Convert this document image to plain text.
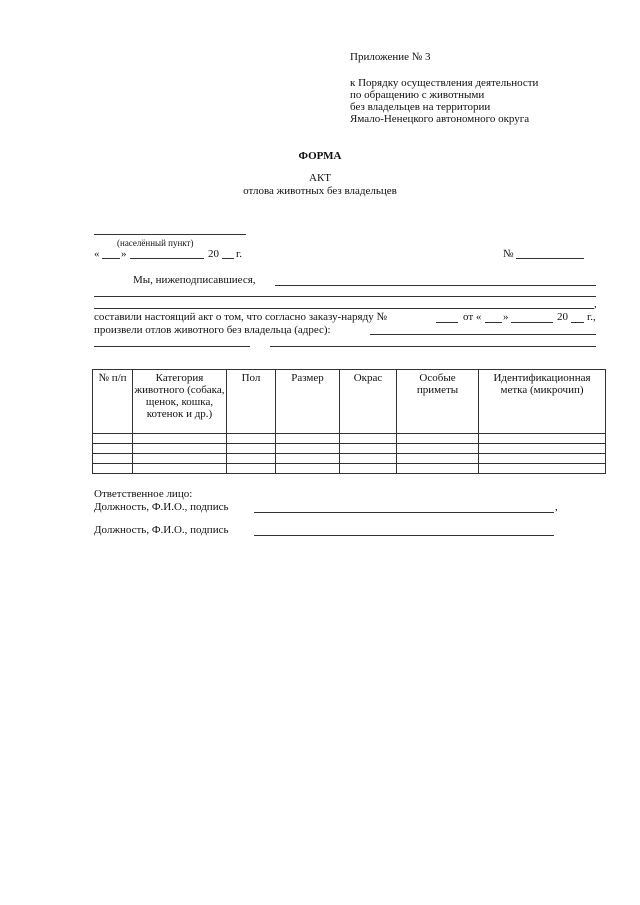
Приложение № 3
к Порядку осуществления деятельности
по обращению с животными
без владельцев на территории
Ямало-Ненецкого автономного округа
ФОРМА
АКТ
отлова животных без владельцев
(населённый пункт)
« »	20 г.	№
Мы, нижеподписавшиеся,
,
составили настоящий акт о том, что согласно заказу-наряду №	от « »	20 г.,
произвели отлов животного без владельца (адрес):
№ п/п	Категория животного (собака, щенок, кошка, котенок и др.)	Пол	Размер	Окрас	Особые приметы	Идентификационная метка (микрочип)

Ответственное лицо:
Должность, Ф.И.О., подпись	,
Должность, Ф.И.О., подпись
